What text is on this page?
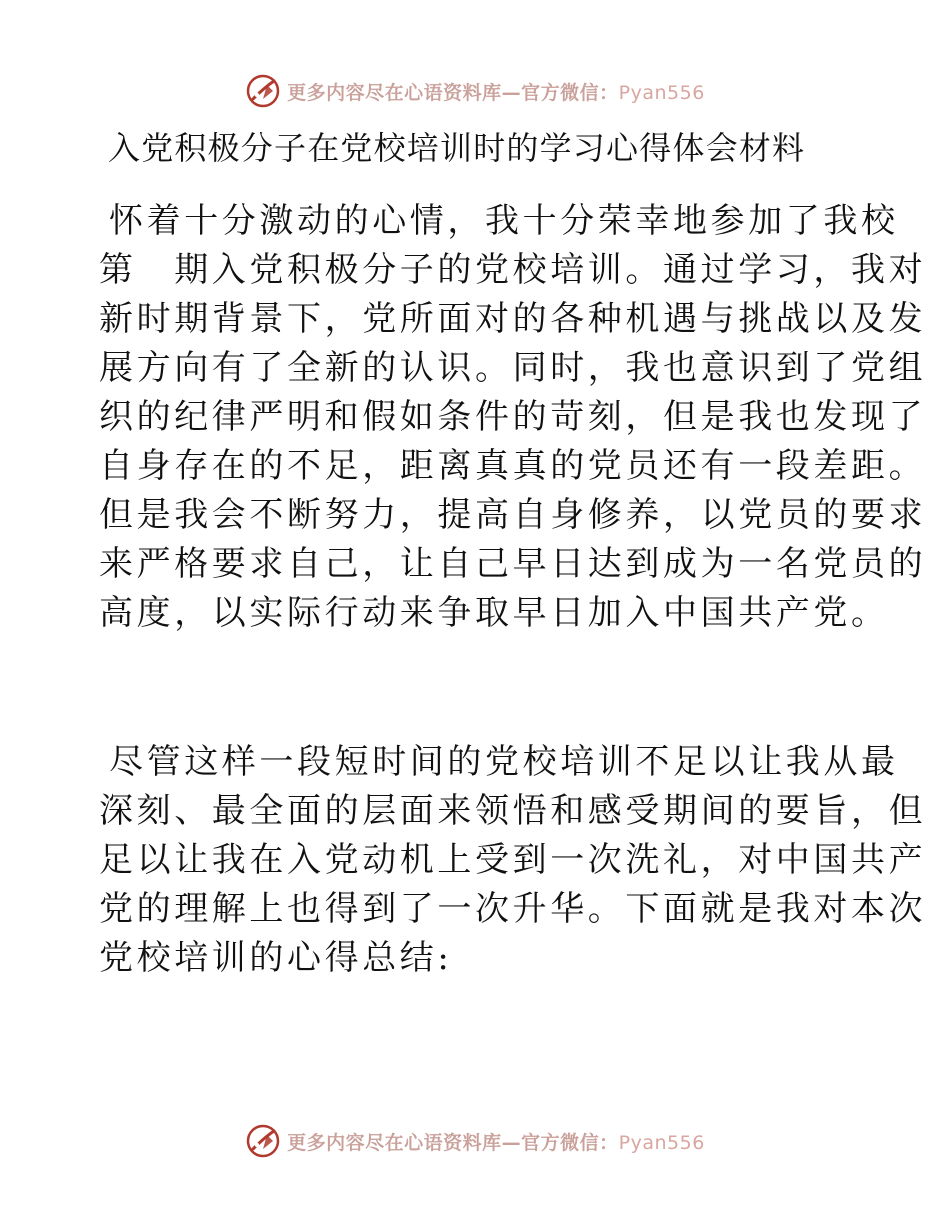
更多内容尽在心语资料库—官方微信：Pyan556
入党积极分子在党校培训时的学习心得体会材料
怀着十分激动的心情，我十分荣幸地参加了我校
第　期入党积极分子的党校培训。通过学习，我对
新时期背景下，党所面对的各种机遇与挑战以及发
展方向有了全新的认识。同时，我也意识到了党组
织的纪律严明和假如条件的苛刻，但是我也发现了
自身存在的不足，距离真真的党员还有一段差距。
但是我会不断努力，提高自身修养，以党员的要求
来严格要求自己，让自己早日达到成为一名党员的
高度，以实际行动来争取早日加入中国共产党。
尽管这样一段短时间的党校培训不足以让我从最
深刻、最全面的层面来领悟和感受期间的要旨，但
足以让我在入党动机上受到一次洗礼，对中国共产
党的理解上也得到了一次升华。下面就是我对本次
党校培训的心得总结:
更多内容尽在心语资料库—官方微信：Pyan556
